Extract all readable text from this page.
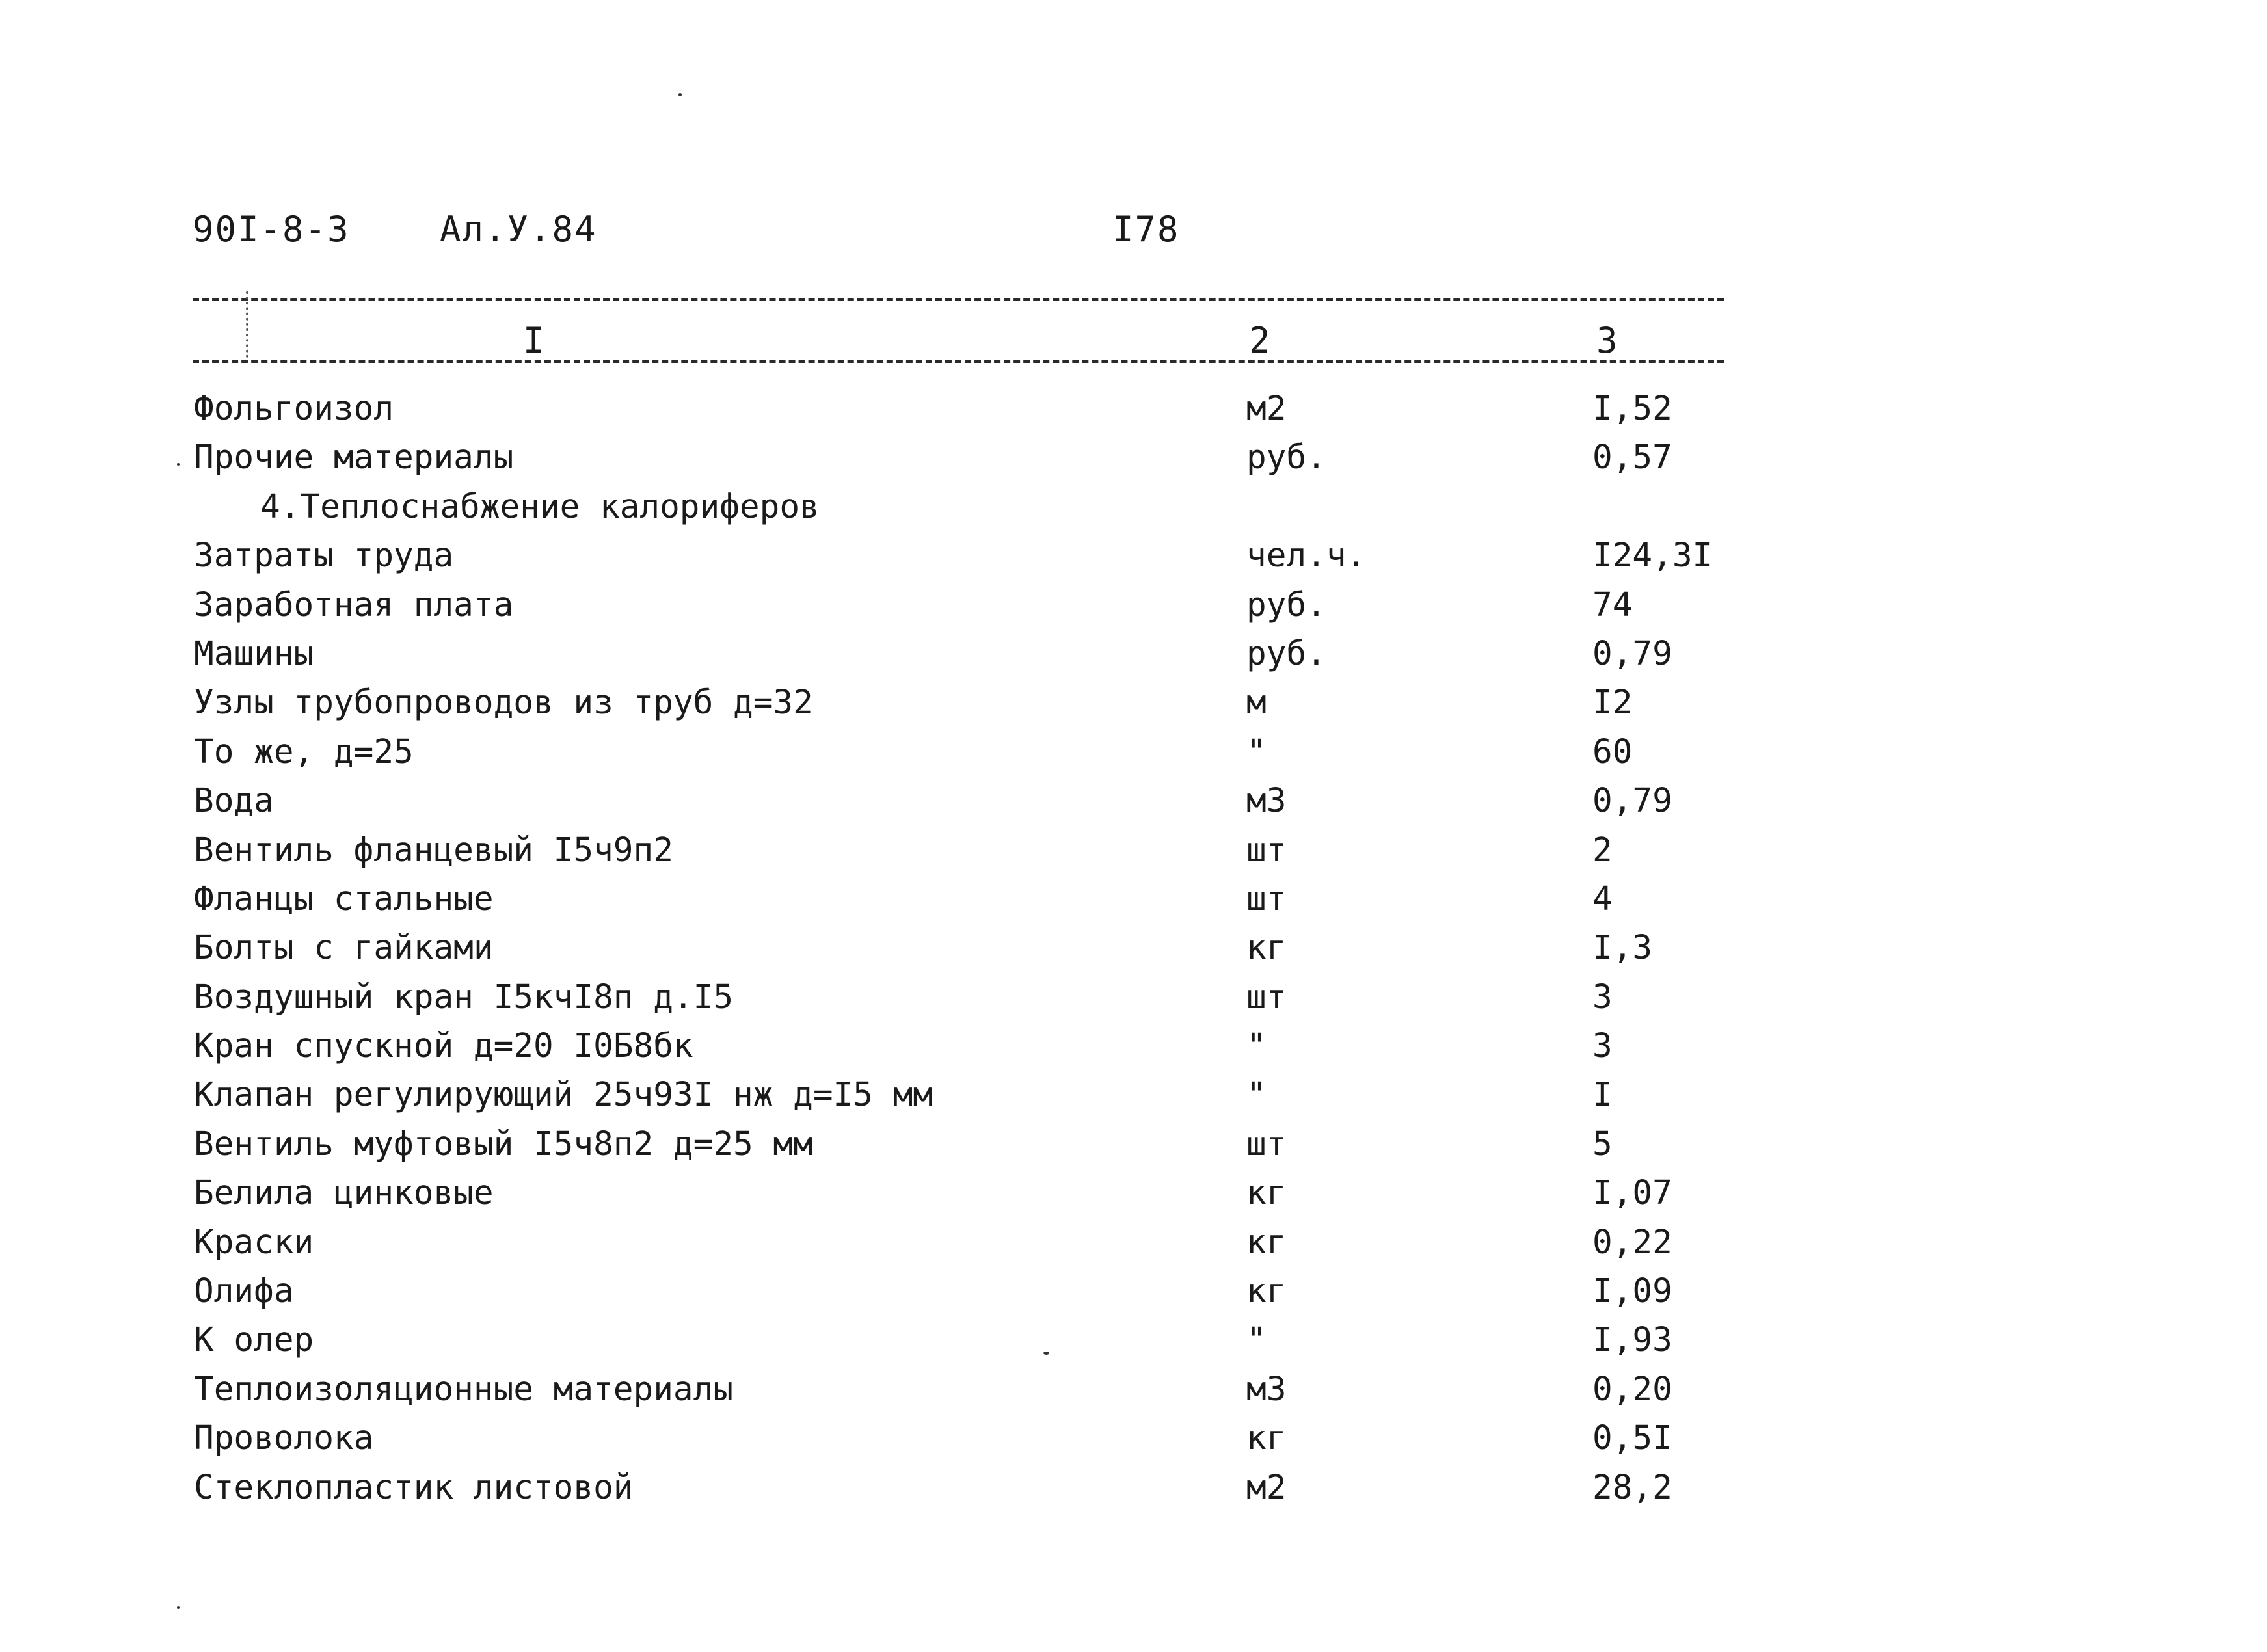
90I-8-3	Ал.У.84	I78
I	2	3
Фольгоизол	м2	I,52
Прочие материалы	руб.	0,57
4.Теплоснабжение калориферов
Затраты труда	чел.ч.	I24,3I
Заработная плата	руб.	74
Машины	руб.	0,79
Узлы трубопроводов из труб д=32	м	I2
То же, д=25	"	60
Вода	м3	0,79
Вентиль фланцевый I5ч9п2	шт	2
Фланцы стальные	шт	4
Болты с гайками	кг	I,3
Воздушный кран I5кчI8п д.I5	шт	3
Кран спускной д=20 I0Б8бк	"	3
Клапан регулирующий 25ч93I нж д=I5 мм	"	I
Вентиль муфтовый I5ч8п2 д=25 мм	шт	5
Белила цинковые	кг	I,07
Краски	кг	0,22
Олифа	кг	I,09
К олер	"	I,93
Теплоизоляционные материалы	м3	0,20
Проволока	кг	0,5I
Стеклопластик листовой	м2	28,2
